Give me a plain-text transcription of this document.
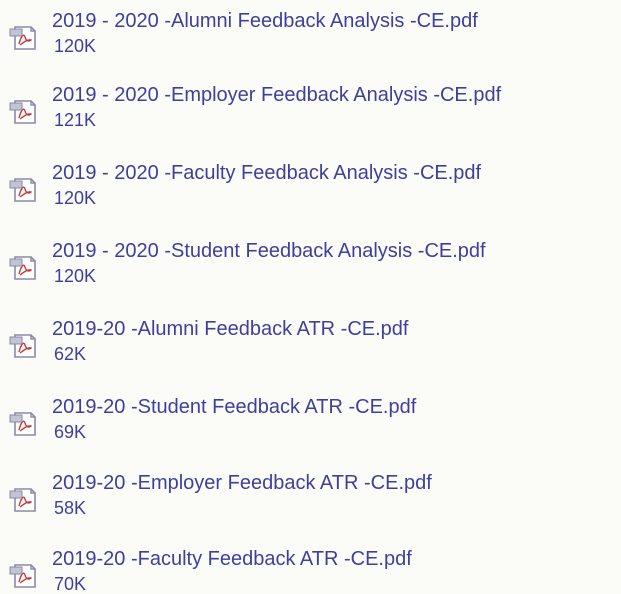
2019 - 2020 -Alumni Feedback Analysis -CE.pdf
120K
2019 - 2020 -Employer Feedback Analysis -CE.pdf
121K
2019 - 2020 -Faculty Feedback Analysis -CE.pdf
120K
2019 - 2020 -Student Feedback Analysis -CE.pdf
120K
2019-20 -Alumni Feedback ATR -CE.pdf
62K
2019-20 -Student Feedback ATR -CE.pdf
69K
2019-20 -Employer Feedback ATR -CE.pdf
58K
2019-20 -Faculty Feedback ATR -CE.pdf
70K
